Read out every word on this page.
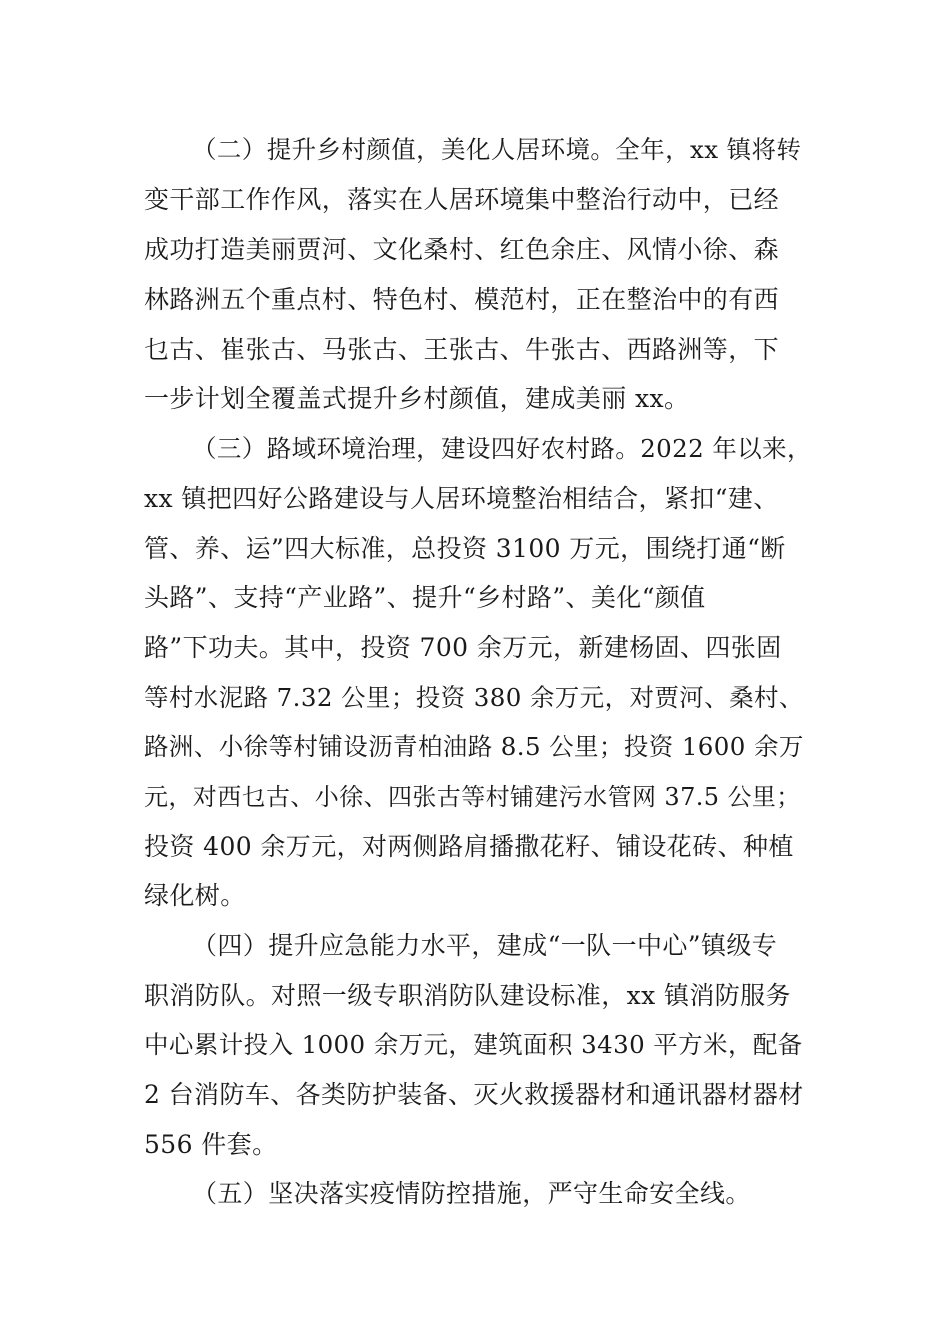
（二）提升乡村颜值，美化人居环境。全年，xx 镇将转

变干部工作作风，落实在人居环境集中整治行动中，已经

成功打造美丽贾河、文化桑村、红色余庄、风情小徐、森

林路洲五个重点村、特色村、模范村，正在整治中的有西

乜古、崔张古、马张古、王张古、牛张古、西路洲等，下

一步计划全覆盖式提升乡村颜值，建成美丽 xx。

（三）路域环境治理，建设四好农村路。2022 年以来，

xx 镇把四好公路建设与人居环境整治相结合，紧扣“建、

管、养、运”四大标准，总投资 3100 万元，围绕打通“断

头路”、支持“产业路”、提升“乡村路”、美化“颜值

路”下功夫。其中，投资 700 余万元，新建杨固、四张固

等村水泥路 7.32 公里；投资 380 余万元，对贾河、桑村、

路洲、小徐等村铺设沥青柏油路 8.5 公里；投资 1600 余万

元，对西乜古、小徐、四张古等村铺建污水管网 37.5 公里；

投资 400 余万元，对两侧路肩播撒花籽、铺设花砖、种植

绿化树。

（四）提升应急能力水平，建成“一队一中心”镇级专

职消防队。对照一级专职消防队建设标准，xx 镇消防服务

中心累计投入 1000 余万元，建筑面积 3430 平方米，配备

2 台消防车、各类防护装备、灭火救援器材和通讯器材器材

556 件套。

（五）坚决落实疫情防控措施，严守生命安全线。
